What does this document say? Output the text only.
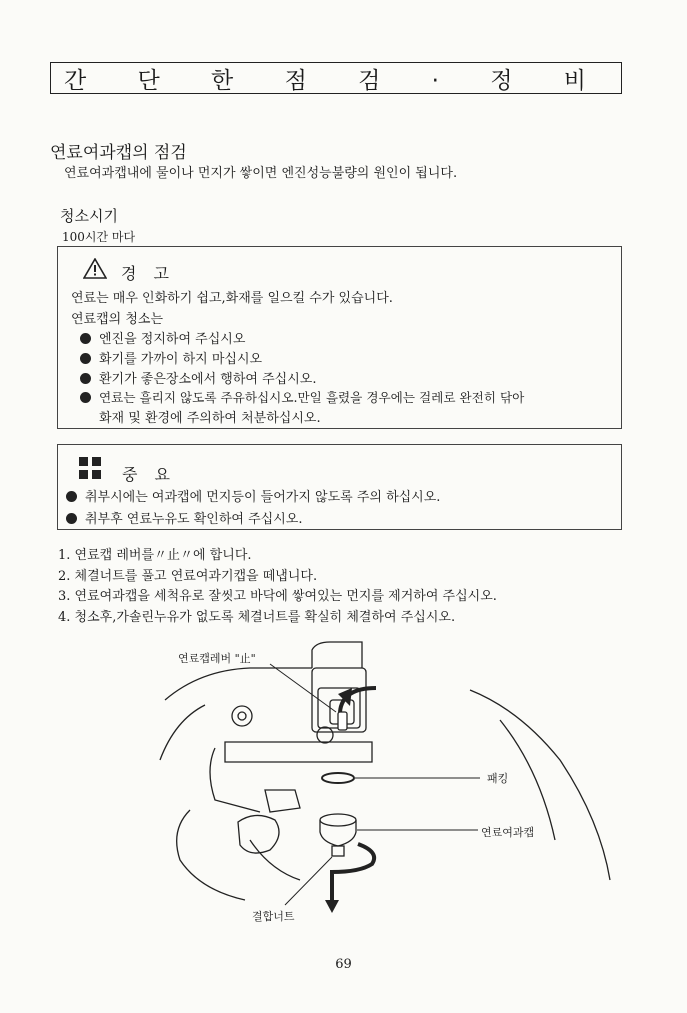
간 단 한 점 검 · 정 비
연료여과캡의 점검
연료여과캡내에 물이나 먼지가 쌓이면 엔진성능불량의 원인이 됩니다.
청소시기
100시간 마다
경 고
연료는 매우 인화하기 쉽고,화재를 일으킬 수가 있습니다.
연료캡의 청소는
엔진을 정지하여 주십시오
화기를 가까이 하지 마십시오
환기가 좋은장소에서 행하여 주십시오.
연료는 흘리지 않도록 주유하십시오.만일 흘렸을 경우에는 걸레로 완전히 닦아
화재 및 환경에 주의하여 처분하십시오.
중 요
취부시에는 여과캡에 먼지등이 들어가지 않도록 주의 하십시오.
취부후 연료누유도 확인하여 주십시오.
1. 연료캡 레버를〃止〃에 합니다.
2. 체결너트를 풀고 연료여과기캡을 떼냅니다.
3. 연료여과캡을 세척유로 잘씻고 바닥에 쌓여있는 먼지를 제거하여 주십시오.
4. 청소후,가솔린누유가 없도록 체결너트를 확실히 체결하여 주십시오.
연료캡레버 "止"
패킹
연료여과캡
결합너트
69
